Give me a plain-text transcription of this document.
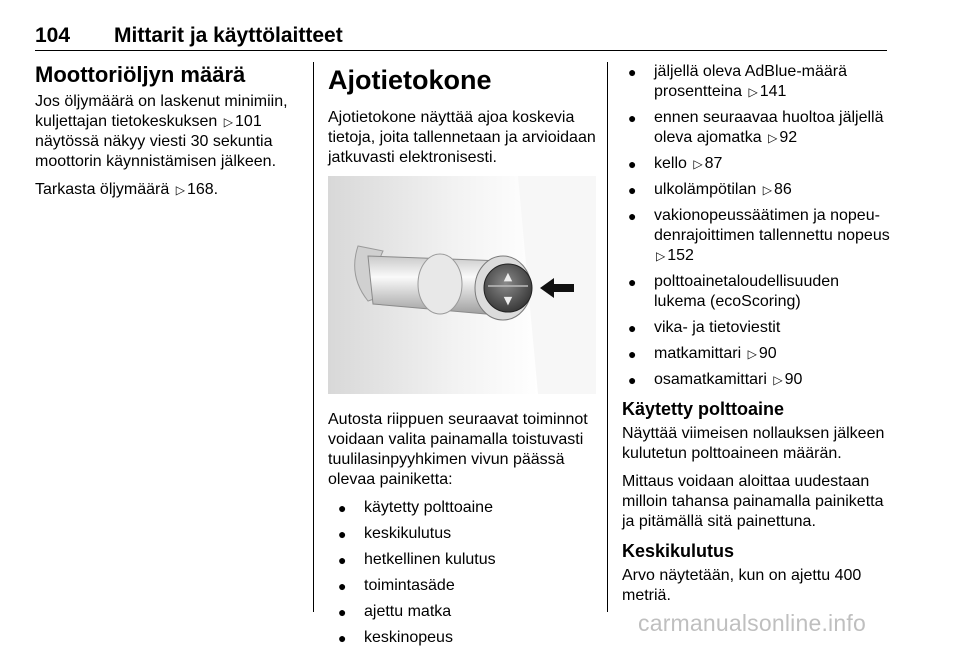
104 Mittarit ja käyttölaitteet
Moottoriöljyn määrä

Jos öljymäärä on laskenut minimiin, kuljettajan tietokeskuksen ▷ 101 näytössä näkyy viesti 30 sekuntia moottorin käynnistämisen jälkeen.

Tarkasta öljymäärä ▷ 168.

Ajotietokone

Ajotietokone näyttää ajoa koskevia tietoja, joita tallennetaan ja arvioidaan jatkuvasti elektronisesti.

▲
▼

Autosta riippuen seuraavat toiminnot voidaan valita painamalla toistuvasti tuulilasinpyyhkimen vivun päässä olevaa painiketta:

● käytetty polttoaine
● keskikulutus
● hetkellinen kulutus
● toimintasäde
● ajettu matka
● keskinopeus
● jäljellä oleva AdBlue-määrä prosentteina ▷ 141
● ennen seuraavaa huoltoa jäljellä oleva ajomatka ▷ 92
● kello ▷ 87
● ulkolämpötilan ▷ 86
● vakionopeussäätimen ja nopeu-denrajoittimen tallennettu nopeus ▷ 152
● polttoainetaloudellisuuden lukema (ecoScoring)
● vika- ja tietoviestit
● matkamittari ▷ 90
● osamatkamittari ▷ 90
Käytetty polttoaine

Näyttää viimeisen nollauksen jälkeen kulutetun polttoaineen määrän.

Mittaus voidaan aloittaa uudestaan milloin tahansa painamalla painiketta ja pitämällä sitä painettuna.

Keskikulutus

Arvo näytetään, kun on ajettu 400 metriä.

carmanualsonline.info
